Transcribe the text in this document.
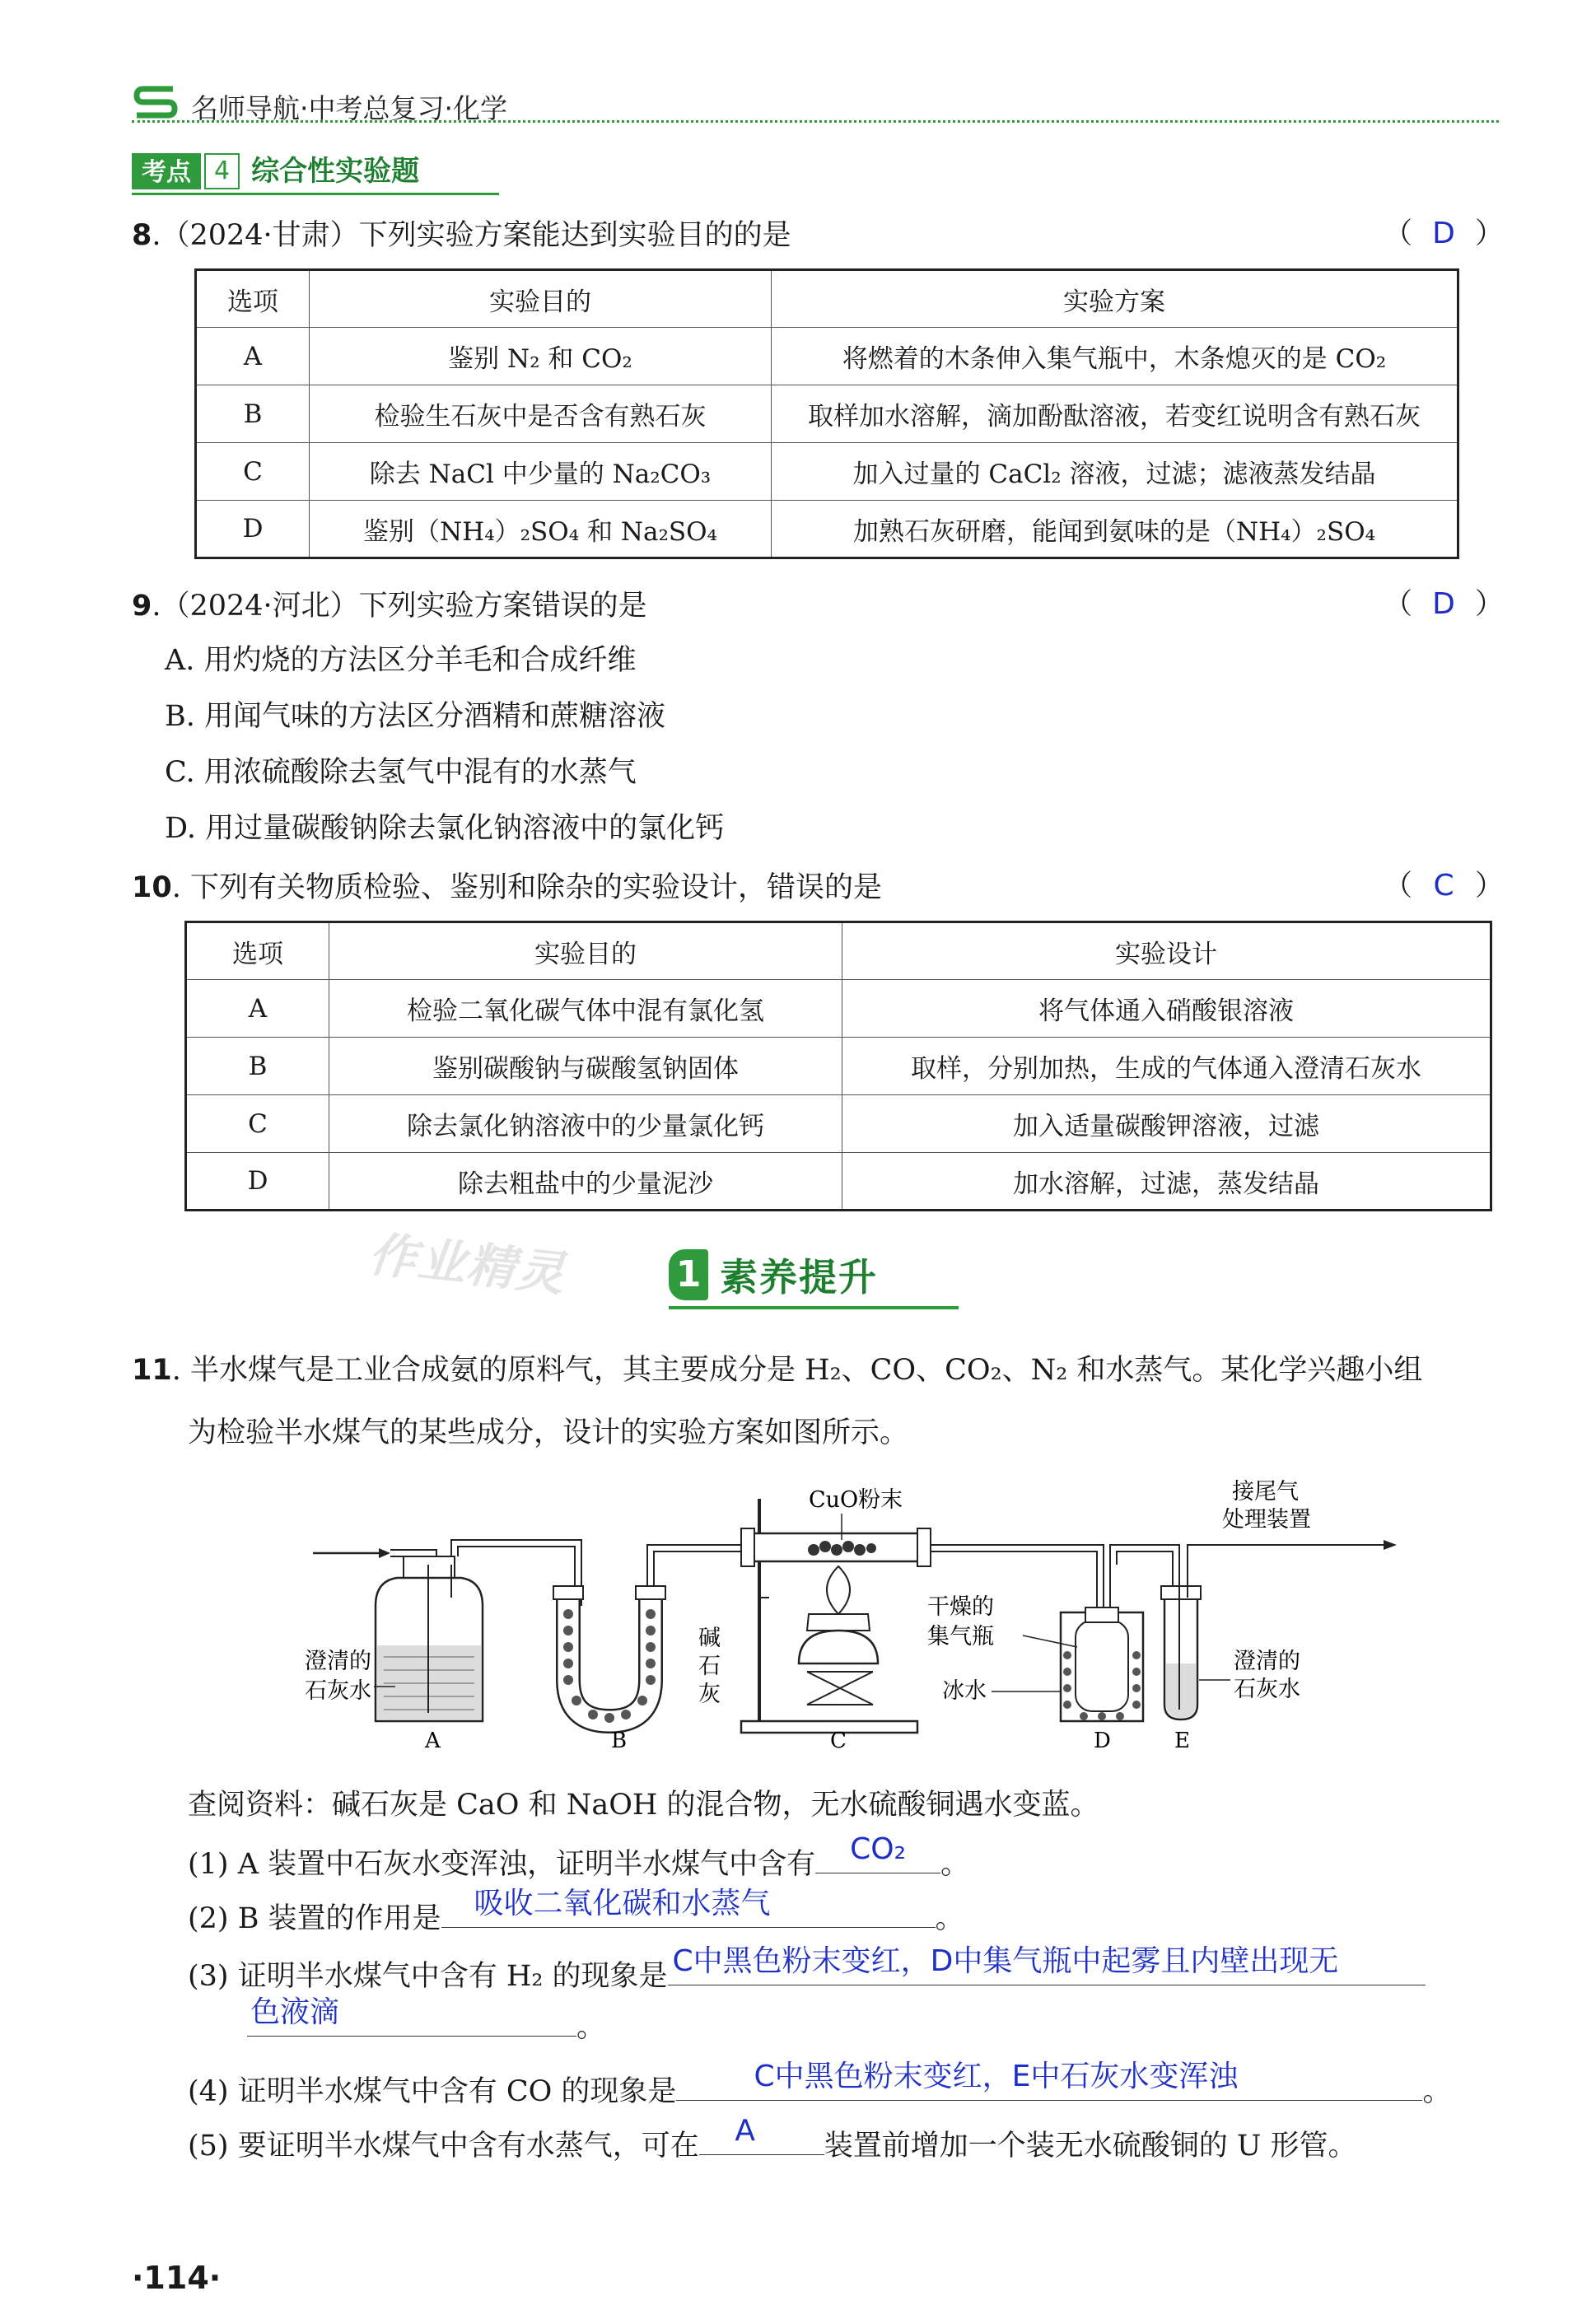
名师导航·中考总复习·化学
考点 4 综合性实验题
8.（2024·甘肃）下列实验方案能达到实验目的的是	（ D ）
选项	实验目的	实验方案
A	鉴别 N₂ 和 CO₂	将燃着的木条伸入集气瓶中，木条熄灭的是 CO₂
B	检验生石灰中是否含有熟石灰	取样加水溶解，滴加酚酞溶液，若变红说明含有熟石灰
C	除去 NaCl 中少量的 Na₂CO₃	加入过量的 CaCl₂ 溶液，过滤；滤液蒸发结晶
D	鉴别（NH₄）₂SO₄ 和 Na₂SO₄	加熟石灰研磨，能闻到氨味的是（NH₄）₂SO₄
9.（2024·河北）下列实验方案错误的是	（ D ）
A. 用灼烧的方法区分羊毛和合成纤维
B. 用闻气味的方法区分酒精和蔗糖溶液
C. 用浓硫酸除去氢气中混有的水蒸气
D. 用过量碳酸钠除去氯化钠溶液中的氯化钙
10. 下列有关物质检验、鉴别和除杂的实验设计，错误的是	（ C ）
选项	实验目的	实验设计
A	检验二氧化碳气体中混有氯化氢	将气体通入硝酸银溶液
B	鉴别碳酸钠与碳酸氢钠固体	取样，分别加热，生成的气体通入澄清石灰水
C	除去氯化钠溶液中的少量氯化钙	加入适量碳酸钾溶液，过滤
D	除去粗盐中的少量泥沙	加水溶解，过滤，蒸发结晶
作业精灵	1 素养提升
11. 半水煤气是工业合成氨的原料气，其主要成分是 H₂、CO、CO₂、N₂ 和水蒸气。某化学兴趣小组
为检验半水煤气的某些成分，设计的实验方案如图所示。
CuO粉末	接尾气
处理装置
澄清的
石灰水
碱
石
灰
干燥的
集气瓶
冰水
澄清的
石灰水
A	B	C	D	E
查阅资料：碱石灰是 CaO 和 NaOH 的混合物，无水硫酸铜遇水变蓝。
(1) A 装置中石灰水变浑浊，证明半水煤气中含有	CO₂	。
(2) B 装置的作用是	吸收二氧化碳和水蒸气	。
(3) 证明半水煤气中含有 H₂ 的现象是 C中黑色粉末变红，D中集气瓶中起雾且内壁出现无
色液滴	。
(4) 证明半水煤气中含有 CO 的现象是	C中黑色粉末变红，E中石灰水变浑浊	。
(5) 要证明半水煤气中含有水蒸气，可在	A	装置前增加一个装无水硫酸铜的 U 形管。
·114·
